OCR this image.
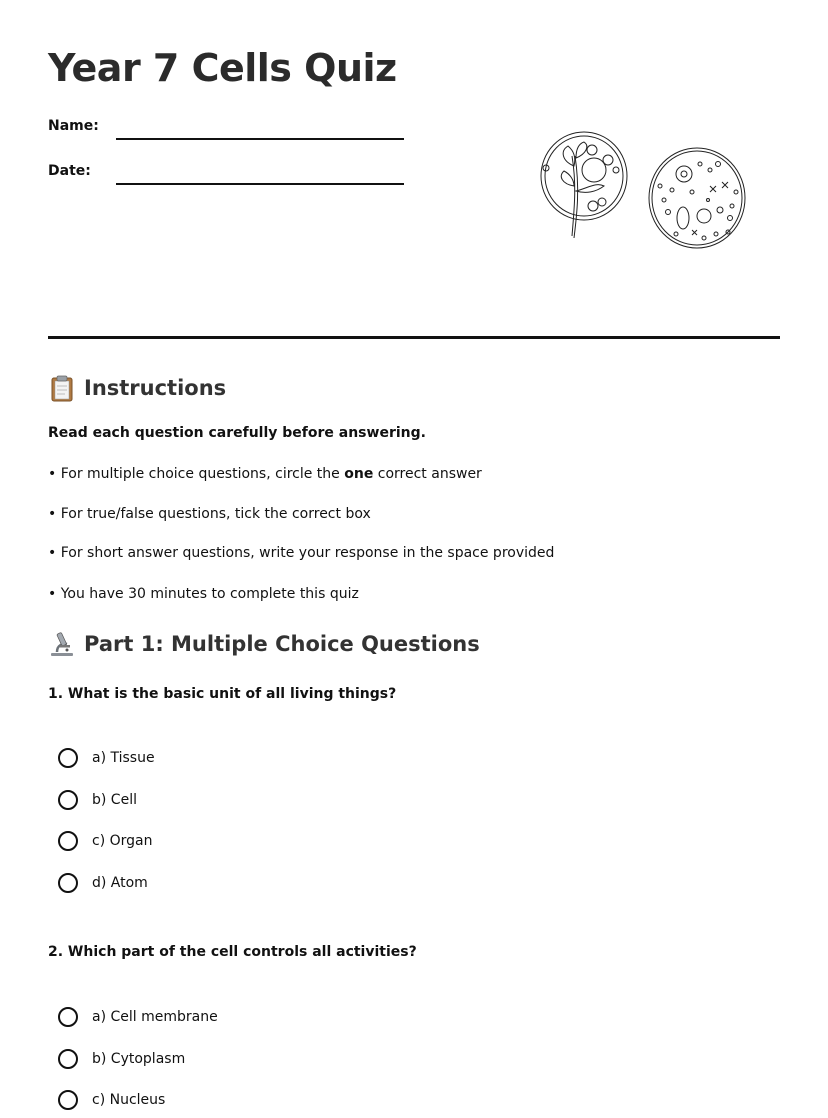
Year 7 Cells Quiz
Name:
Date:
Instructions
Read each question carefully before answering.
• For multiple choice questions, circle the one correct answer
• For true/false questions, tick the correct box
• For short answer questions, write your response in the space provided
• You have 30 minutes to complete this quiz
Part 1: Multiple Choice Questions
1. What is the basic unit of all living things?
a) Tissue
b) Cell
c) Organ
d) Atom
2. Which part of the cell controls all activities?
a) Cell membrane
b) Cytoplasm
c) Nucleus
